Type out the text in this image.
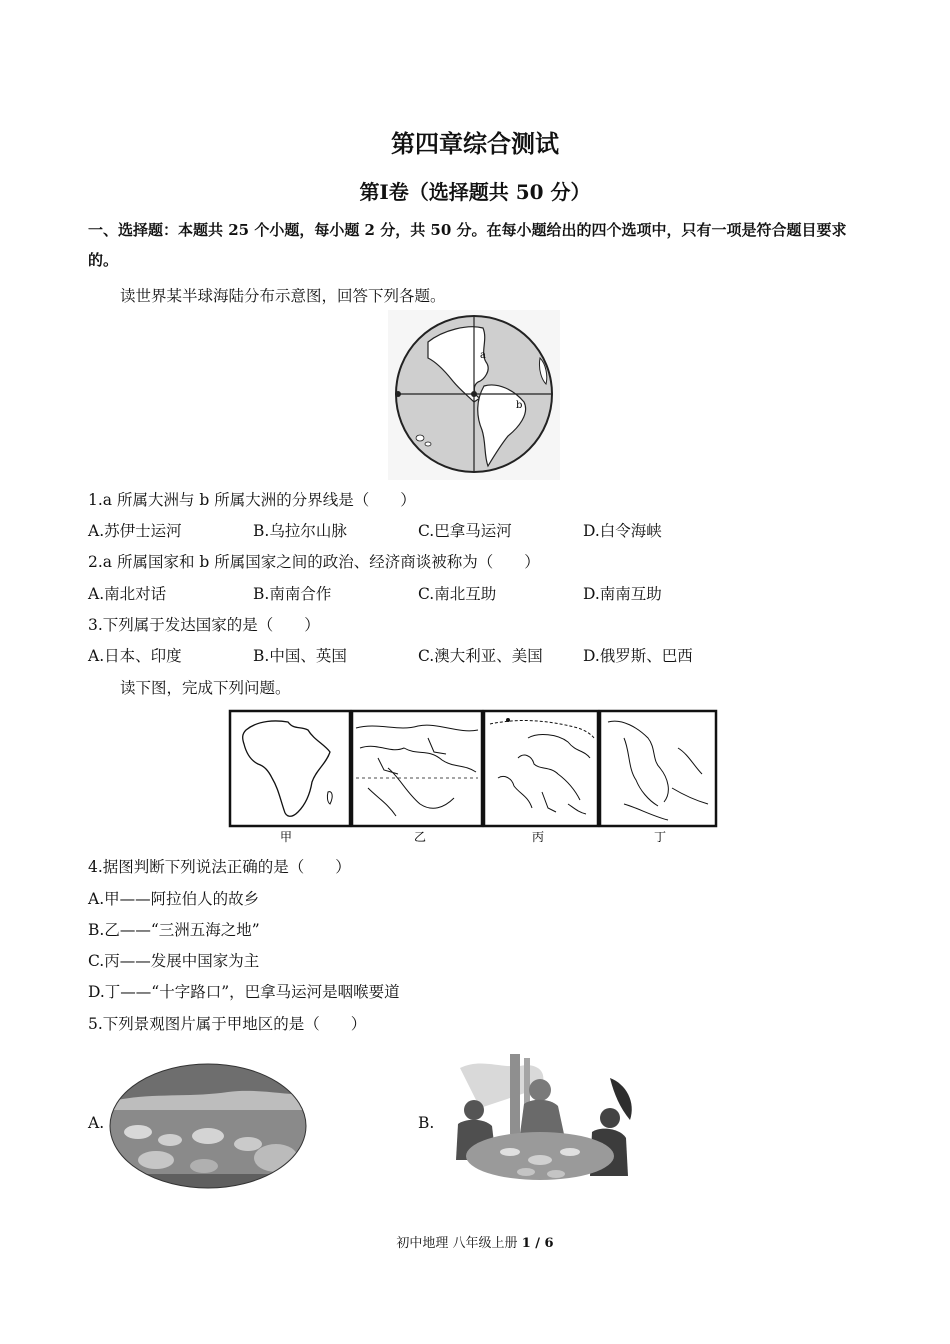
第四章综合测试
第Ⅰ卷（选择题共 50 分）
一、选择题：本题共 25 个小题，每小题 2 分，共 50 分。在每小题给出的四个选项中，只有一项是符合题目要求的。
读世界某半球海陆分布示意图，回答下列各题。
a
b
1.a 所属大洲与 b 所属大洲的分界线是（　　）
A.苏伊士运河	B.乌拉尔山脉	C.巴拿马运河	D.白令海峡
2.a 所属国家和 b 所属国家之间的政治、经济商谈被称为（　　）
A.南北对话	B.南南合作	C.南北互助	D.南南互助
3.下列属于发达国家的是（　　）
A.日本、印度	B.中国、英国	C.澳大利亚、美国	D.俄罗斯、巴西
读下图，完成下列问题。
甲	乙	丙	丁
4.据图判断下列说法正确的是（　　）
A.甲——阿拉伯人的故乡
B.乙——“三洲五海之地”
C.丙——发展中国家为主
D.丁——“十字路口”，巴拿马运河是咽喉要道
5.下列景观图片属于甲地区的是（　　）
A.	B.
初中地理 八年级上册 1 / 6
